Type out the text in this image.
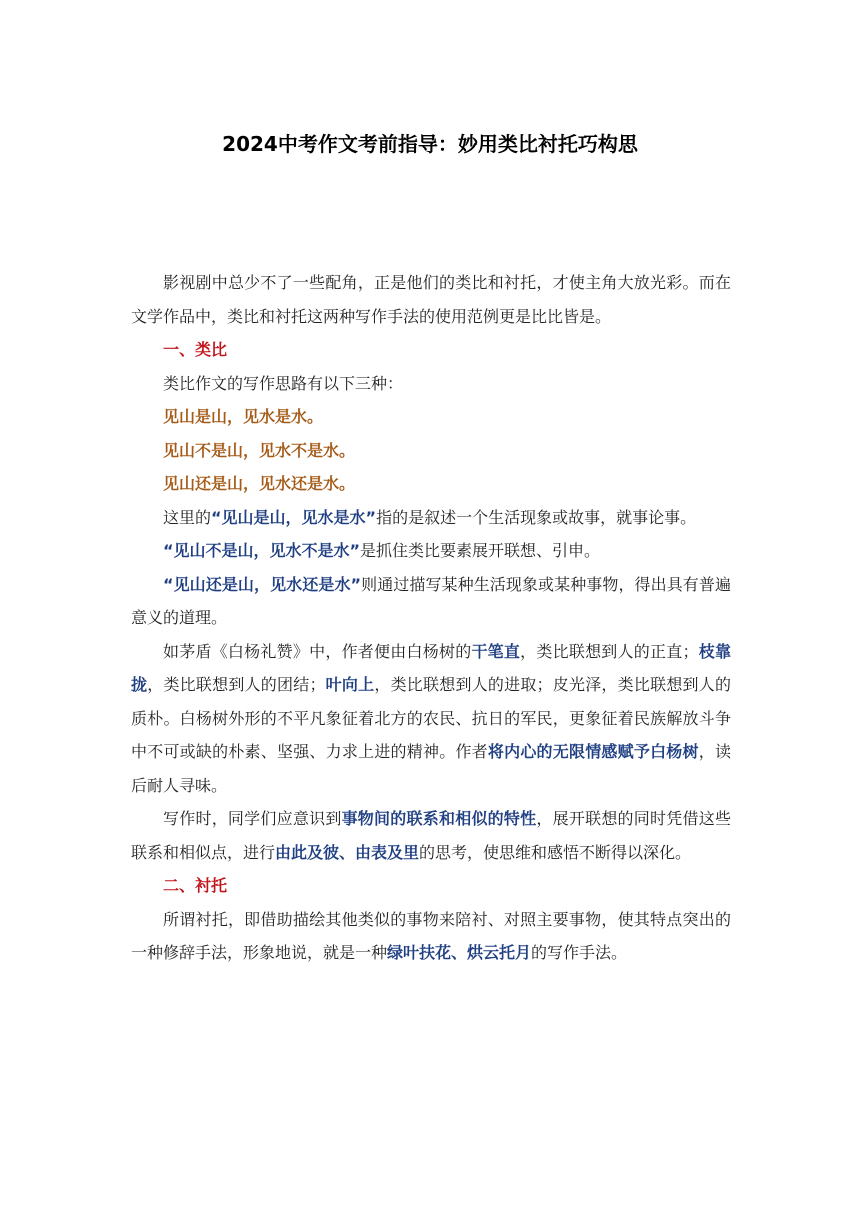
2024中考作文考前指导：妙用类比衬托巧构思

影视剧中总少不了一些配角，正是他们的类比和衬托，才使主角大放光彩。而在文学作品中，类比和衬托这两种写作手法的使用范例更是比比皆是。

一、类比

类比作文的写作思路有以下三种：

见山是山，见水是水。

见山不是山，见水不是水。

见山还是山，见水还是水。

这里的“见山是山，见水是水”指的是叙述一个生活现象或故事，就事论事。

“见山不是山，见水不是水”是抓住类比要素展开联想、引申。

“见山还是山，见水还是水”则通过描写某种生活现象或某种事物，得出具有普遍意义的道理。

如茅盾《白杨礼赞》中，作者便由白杨树的干笔直，类比联想到人的正直；枝靠拢，类比联想到人的团结；叶向上，类比联想到人的进取；皮光泽，类比联想到人的质朴。白杨树外形的不平凡象征着北方的农民、抗日的军民，更象征着民族解放斗争中不可或缺的朴素、坚强、力求上进的精神。作者将内心的无限情感赋予白杨树，读后耐人寻味。

写作时，同学们应意识到事物间的联系和相似的特性，展开联想的同时凭借这些联系和相似点，进行由此及彼、由表及里的思考，使思维和感悟不断得以深化。

二、衬托

所谓衬托，即借助描绘其他类似的事物来陪衬、对照主要事物，使其特点突出的一种修辞手法，形象地说，就是一种绿叶扶花、烘云托月的写作手法。
